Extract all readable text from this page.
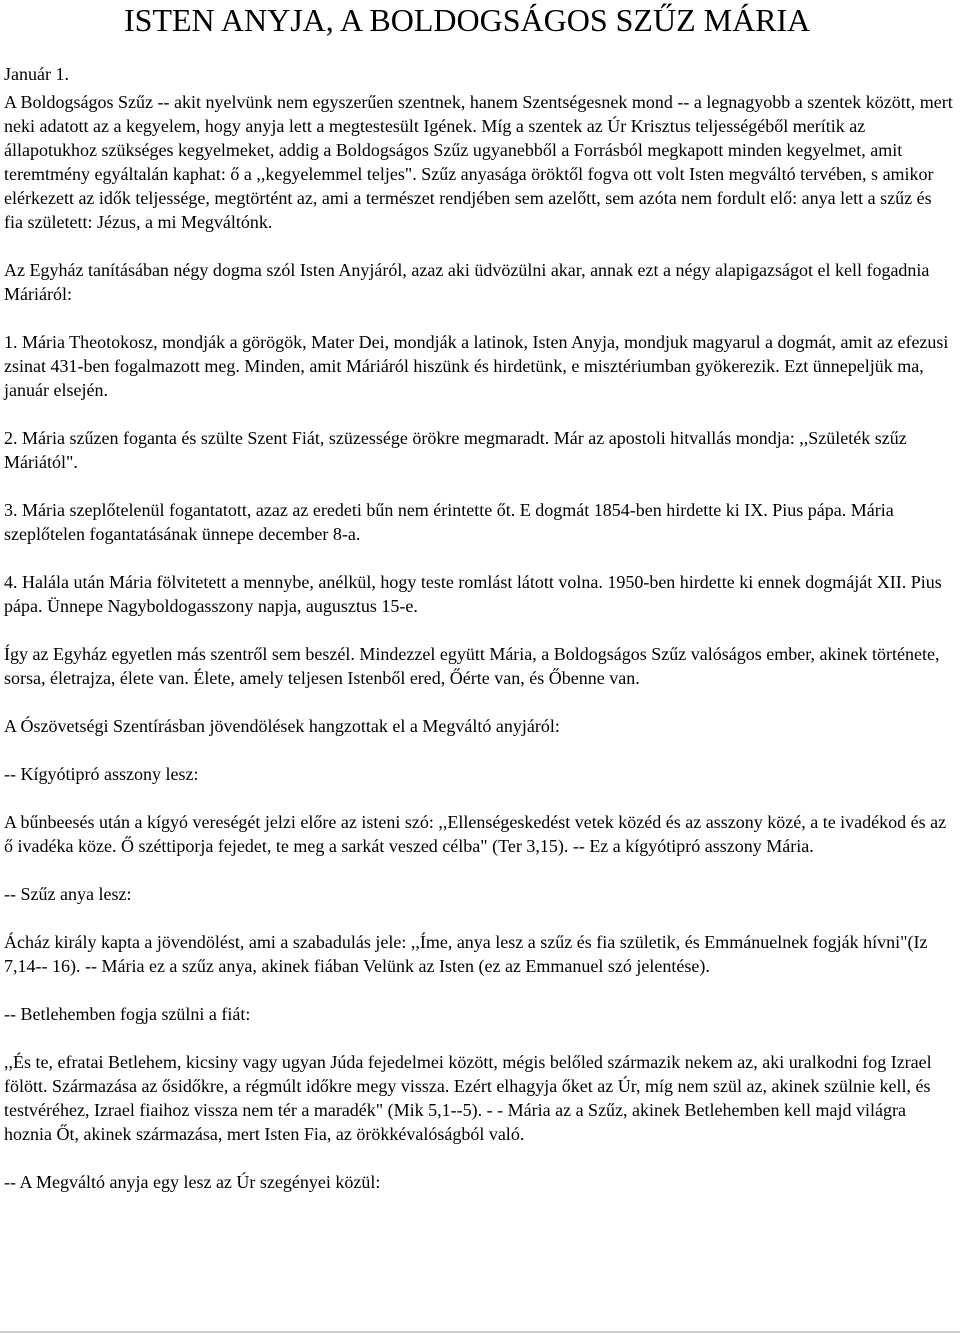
Január 1.
ISTEN ANYJA, A BOLDOGSÁGOS SZŰZ MÁRIA

A Boldogságos Szűz -- akit nyelvünk nem egyszerűen szentnek, hanem Szentségesnek mond -- a legnagyobb a szentek között, mert neki adatott az a kegyelem, hogy anyja lett a megtestesült Igének. Míg a szentek az Úr Krisztus teljességéből merítik az állapotukhoz szükséges kegyelmeket, addig a Boldogságos Szűz ugyanebből a Forrásból megkapott minden kegyelmet, amit teremtmény egyáltalán kaphat: ő a ,,kegyelemmel teljes". Szűz anyasága öröktől fogva ott volt Isten megváltó tervében, s amikor elérkezett az idők teljessége, megtörtént az, ami a természet rendjében sem azelőtt, sem azóta nem fordult elő: anya lett a szűz és fia született: Jézus, a mi Megváltónk.

Az Egyház tanításában négy dogma szól Isten Anyjáról, azaz aki üdvözülni akar, annak ezt a négy alapigazságot el kell fogadnia Máriáról:

1. Mária Theotokosz, mondják a görögök, Mater Dei, mondják a latinok, Isten Anyja, mondjuk magyarul a dogmát, amit az efezusi zsinat 431-ben fogalmazott meg. Minden, amit Máriáról hiszünk és hirdetünk, e misztériumban gyökerezik. Ezt ünnepeljük ma, január elsején.

2. Mária szűzen foganta és szülte Szent Fiát, szüzessége örökre megmaradt. Már az apostoli hitvallás mondja: ,,Születék szűz Máriától".

3. Mária szeplőtelenül fogantatott, azaz az eredeti bűn nem érintette őt. E dogmát 1854-ben hirdette ki IX. Pius pápa. Mária szeplőtelen fogantatásának ünnepe december 8-a.

4. Halála után Mária fölvitetett a mennybe, anélkül, hogy teste romlást látott volna. 1950-ben hirdette ki ennek dogmáját XII. Pius pápa. Ünnepe Nagyboldogasszony napja, augusztus 15-e.

Így az Egyház egyetlen más szentről sem beszél. Mindezzel együtt Mária, a Boldogságos Szűz valóságos ember, akinek története, sorsa, életrajza, élete van. Élete, amely teljesen Istenből ered, Őérte van, és Őbenne van.

A Ószövetségi Szentírásban jövendölések hangzottak el a Megváltó anyjáról:

-- Kígyótipró asszony lesz:

A bűnbeesés után a kígyó vereségét jelzi előre az isteni szó: ,,Ellenségeskedést vetek közéd és az asszony közé, a te ivadékod és az ő ivadéka köze. Ő széttiporja fejedet, te meg a sarkát veszed célba" (Ter 3,15). -- Ez a kígyótipró asszony Mária.

-- Szűz anya lesz:

Ácház király kapta a jövendölést, ami a szabadulás jele: ,,Íme, anya lesz a szűz és fia születik, és Emmánuelnek fogják hívni"(Iz 7,14-- 16). -- Mária ez a szűz anya, akinek fiában Velünk az Isten (ez az Emmanuel szó jelentése).

-- Betlehemben fogja szülni a fiát:

,,És te, efratai Betlehem, kicsiny vagy ugyan Júda fejedelmei között, mégis belőled származik nekem az, aki uralkodni fog Izrael fölött. Származása az ősidőkre, a régmúlt időkre megy vissza. Ezért elhagyja őket az Úr, míg nem szül az, akinek szülnie kell, és testvéréhez, Izrael fiaihoz vissza nem tér a maradék" (Mik 5,1--5). - - Mária az a Szűz, akinek Betlehemben kell majd világra hoznia Őt, akinek származása, mert Isten Fia, az örökkévalóságból való.

-- A Megváltó anyja egy lesz az Úr szegényei közül:
